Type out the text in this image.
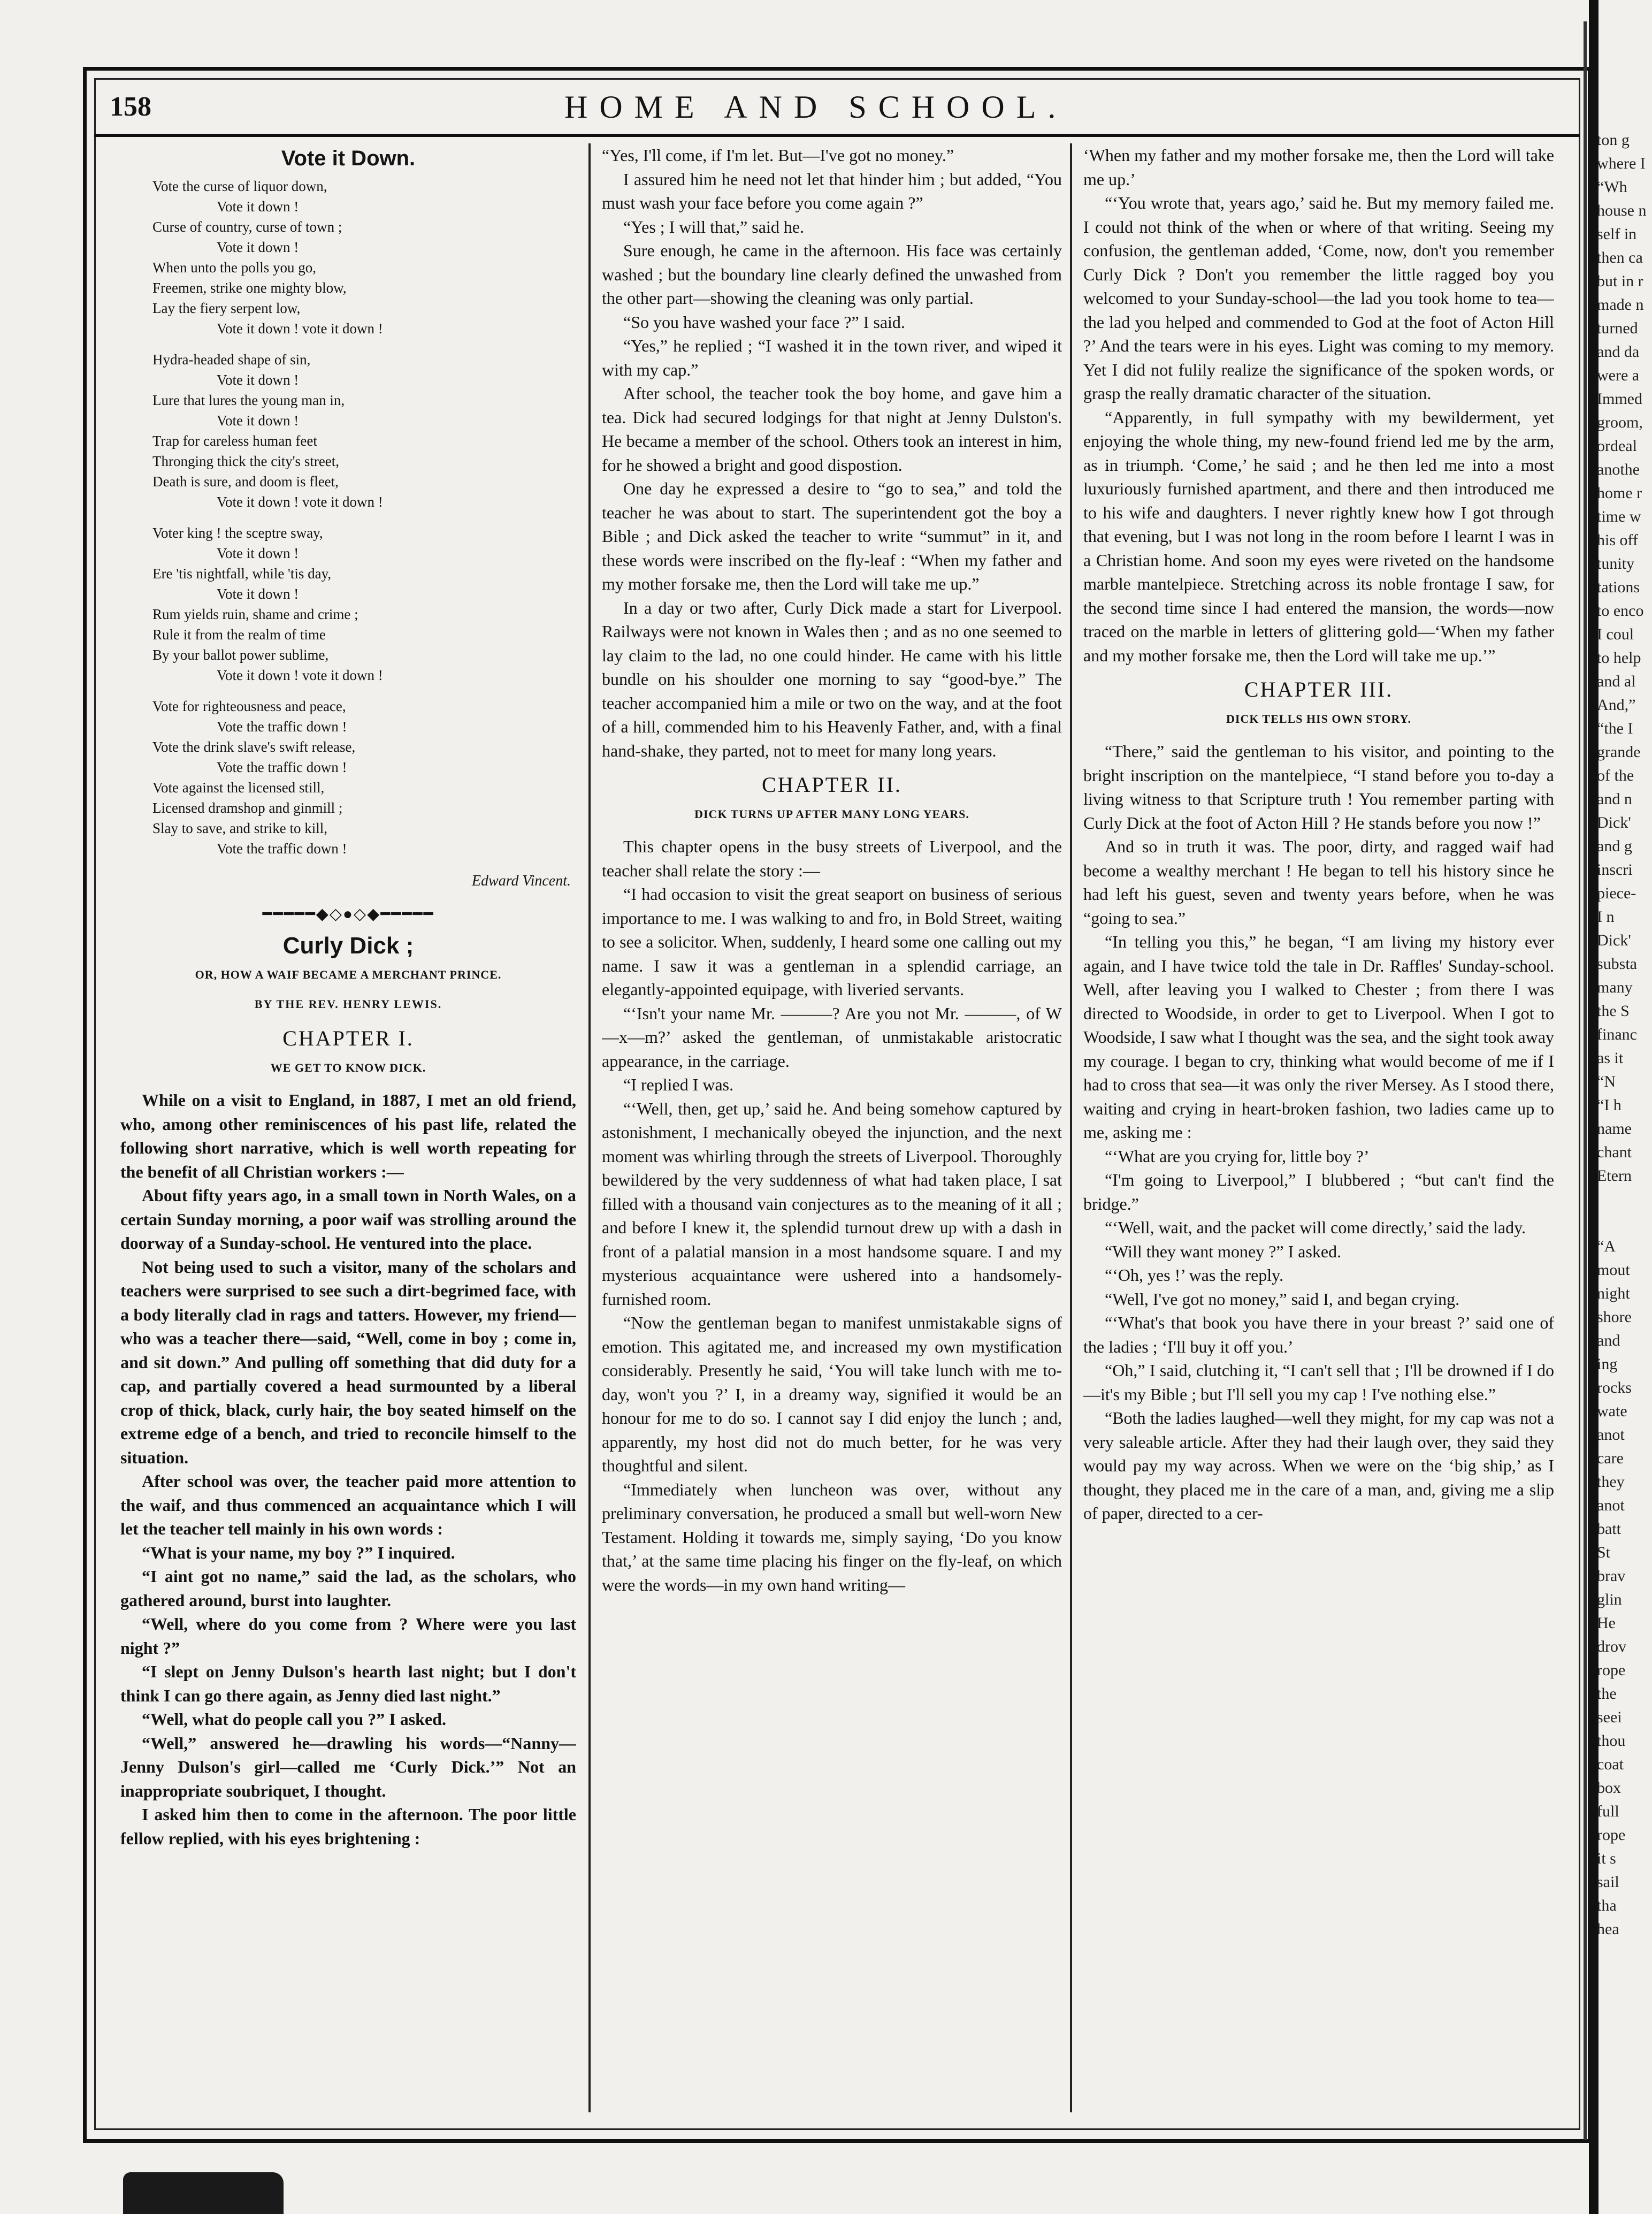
158	HOME AND SCHOOL.
Vote it Down.
Vote the curse of liquor down,
Vote it down !
Curse of country, curse of town ;
Vote it down !
When unto the polls you go,
Freemen, strike one mighty blow,
Lay the fiery serpent low,
Vote it down ! vote it down !
Hydra-headed shape of sin,
Vote it down !
Lure that lures the young man in,
Vote it down !
Trap for careless human feet
Thronging thick the city's street,
Death is sure, and doom is fleet,
Vote it down ! vote it down !
Voter king ! the sceptre sway,
Vote it down !
Ere 'tis nightfall, while 'tis day,
Vote it down !
Rum yields ruin, shame and crime ;
Rule it from the realm of time
By your ballot power sublime,
Vote it down ! vote it down !
Vote for righteousness and peace,
Vote the traffic down !
Vote the drink slave's swift release,
Vote the traffic down !
Vote against the licensed still,
Licensed dramshop and ginmill ;
Slay to save, and strike to kill,
Vote the traffic down !
Edward Vincent.
━━━━━◆◇●◇◆━━━━━
Curly Dick ;
OR, HOW A WAIF BECAME A MERCHANT PRINCE.
BY THE REV. HENRY LEWIS.
CHAPTER I.
WE GET TO KNOW DICK.

While on a visit to England, in 1887, I met an old friend, who, among other reminiscences of his past life, related the following short narrative, which is well worth repeating for the benefit of all Christian workers :—

About fifty years ago, in a small town in North Wales, on a certain Sunday morning, a poor waif was strolling around the doorway of a Sunday-school. He ventured into the place.

Not being used to such a visitor, many of the scholars and teachers were surprised to see such a dirt-begrimed face, with a body literally clad in rags and tatters. However, my friend—who was a teacher there—said, “Well, come in boy ; come in, and sit down.” And pulling off something that did duty for a cap, and partially covered a head surmounted by a liberal crop of thick, black, curly hair, the boy seated himself on the extreme edge of a bench, and tried to reconcile himself to the situation.

After school was over, the teacher paid more attention to the waif, and thus commenced an acquaintance which I will let the teacher tell mainly in his own words :

“What is your name, my boy ?” I inquired.

“I aint got no name,” said the lad, as the scholars, who gathered around, burst into laughter.

“Well, where do you come from ? Where were you last night ?”

“I slept on Jenny Dulson's hearth last night; but I don't think I can go there again, as Jenny died last night.”

“Well, what do people call you ?” I asked.

“Well,” answered he—drawling his words—“Nanny—Jenny Dulson's girl—called me ‘Curly Dick.’” Not an inappropriate soubriquet, I thought.

I asked him then to come in the afternoon. The poor little fellow replied, with his eyes brightening :

“Yes, I'll come, if I'm let. But—I've got no money.”

I assured him he need not let that hinder him ; but added, “You must wash your face before you come again ?”

“Yes ; I will that,” said he.

Sure enough, he came in the afternoon. His face was certainly washed ; but the boundary line clearly defined the unwashed from the other part—showing the cleaning was only partial.

“So you have washed your face ?” I said.

“Yes,” he replied ; “I washed it in the town river, and wiped it with my cap.”

After school, the teacher took the boy home, and gave him a tea. Dick had secured lodgings for that night at Jenny Dulston's. He became a member of the school. Others took an interest in him, for he showed a bright and good dispostion.

One day he expressed a desire to “go to sea,” and told the teacher he was about to start. The superintendent got the boy a Bible ; and Dick asked the teacher to write “summut” in it, and these words were inscribed on the fly-leaf : “When my father and my mother forsake me, then the Lord will take me up.”

In a day or two after, Curly Dick made a start for Liverpool. Railways were not known in Wales then ; and as no one seemed to lay claim to the lad, no one could hinder. He came with his little bundle on his shoulder one morning to say “good-bye.” The teacher accompanied him a mile or two on the way, and at the foot of a hill, commended him to his Heavenly Father, and, with a final hand-shake, they parted, not to meet for many long years.

CHAPTER II.
DICK TURNS UP AFTER MANY LONG YEARS.

This chapter opens in the busy streets of Liverpool, and the teacher shall relate the story :—

“I had occasion to visit the great seaport on business of serious importance to me. I was walking to and fro, in Bold Street, waiting to see a solicitor. When, suddenly, I heard some one calling out my name. I saw it was a gentleman in a splendid carriage, an elegantly-appointed equipage, with liveried servants.

“‘Isn't your name Mr. ———? Are you not Mr. ———, of W—x—m?’ asked the gentleman, of unmistakable aristocratic appearance, in the carriage.

“I replied I was.

“‘Well, then, get up,’ said he. And being somehow captured by astonishment, I mechanically obeyed the injunction, and the next moment was whirling through the streets of Liverpool. Thoroughly bewildered by the very suddenness of what had taken place, I sat filled with a thousand vain conjectures as to the meaning of it all ; and before I knew it, the splendid turnout drew up with a dash in front of a palatial mansion in a most handsome square. I and my mysterious acquaintance were ushered into a handsomely-furnished room.

“Now the gentleman began to manifest unmistakable signs of emotion. This agitated me, and increased my own mystification considerably. Presently he said, ‘You will take lunch with me to-day, won't you ?’ I, in a dreamy way, signified it would be an honour for me to do so. I cannot say I did enjoy the lunch ; and, apparently, my host did not do much better, for he was very thoughtful and silent.

“Immediately when luncheon was over, without any preliminary conversation, he produced a small but well-worn New Testament. Holding it towards me, simply saying, ‘Do you know that,’ at the same time placing his finger on the fly-leaf, on which were the words—in my own hand writing—

‘When my father and my mother forsake me, then the Lord will take me up.’

“‘You wrote that, years ago,’ said he. But my memory failed me. I could not think of the when or where of that writing. Seeing my confusion, the gentleman added, ‘Come, now, don't you remember Curly Dick ? Don't you remember the little ragged boy you welcomed to your Sunday-school—the lad you took home to tea—the lad you helped and commended to God at the foot of Acton Hill ?’ And the tears were in his eyes. Light was coming to my memory. Yet I did not fulily realize the significance of the spoken words, or grasp the really dramatic character of the situation.

“Apparently, in full sympathy with my bewilderment, yet enjoying the whole thing, my new-found friend led me by the arm, as in triumph. ‘Come,’ he said ; and he then led me into a most luxuriously furnished apartment, and there and then introduced me to his wife and daughters. I never rightly knew how I got through that evening, but I was not long in the room before I learnt I was in a Christian home. And soon my eyes were riveted on the handsome marble mantelpiece. Stretching across its noble frontage I saw, for the second time since I had entered the mansion, the words—now traced on the marble in letters of glittering gold—‘When my father and my mother forsake me, then the Lord will take me up.’”

CHAPTER III.
DICK TELLS HIS OWN STORY.

“There,” said the gentleman to his visitor, and pointing to the bright inscription on the mantelpiece, “I stand before you to-day a living witness to that Scripture truth ! You remember parting with Curly Dick at the foot of Acton Hill ? He stands before you now !”

And so in truth it was. The poor, dirty, and ragged waif had become a wealthy merchant ! He began to tell his history since he had left his guest, seven and twenty years before, when he was “going to sea.”

“In telling you this,” he began, “I am living my history ever again, and I have twice told the tale in Dr. Raffles' Sunday-school. Well, after leaving you I walked to Chester ; from there I was directed to Woodside, in order to get to Liverpool. When I got to Woodside, I saw what I thought was the sea, and the sight took away my courage. I began to cry, thinking what would become of me if I had to cross that sea—it was only the river Mersey. As I stood there, waiting and crying in heart-broken fashion, two ladies came up to me, asking me :

“‘What are you crying for, little boy ?’

“I'm going to Liverpool,” I blubbered ; “but can't find the bridge.”

“‘Well, wait, and the packet will come directly,’ said the lady.

“Will they want money ?” I asked.

“‘Oh, yes !’ was the reply.

“Well, I've got no money,” said I, and began crying.

“‘What's that book you have there in your breast ?’ said one of the ladies ; ‘I'll buy it off you.’

“Oh,” I said, clutching it, “I can't sell that ; I'll be drowned if I do—it's my Bible ; but I'll sell you my cap ! I've nothing else.”

“Both the ladies laughed—well they might, for my cap was not a very saleable article. After they had their laugh over, they said they would pay my way across. When we were on the ‘big ship,’ as I thought, they placed me in the care of a man, and, giving me a slip of paper, directed to a cer-

ton g
where I
“Wh
house n
self in
then ca
but in r
made n
turned
and da
were a
Immed
groom,
ordeal
anothe
home r
time w
his off
tunity
tations
to enco
I coul
to help
and al
And,”
“the I
grande
of the
and n
Dick'
and g
inscri
piece-
I n
Dick'
substa
many
the S
financ
as it
“N
“I h
name
chant
Etern

“A
mout
night
shore
and
ing
rocks
wate
anot
care
they
anot
batt
St
brav
glin
He
drov
rope
the
seei
thou
coat
box
full
rope
it s
sail
tha
hea
